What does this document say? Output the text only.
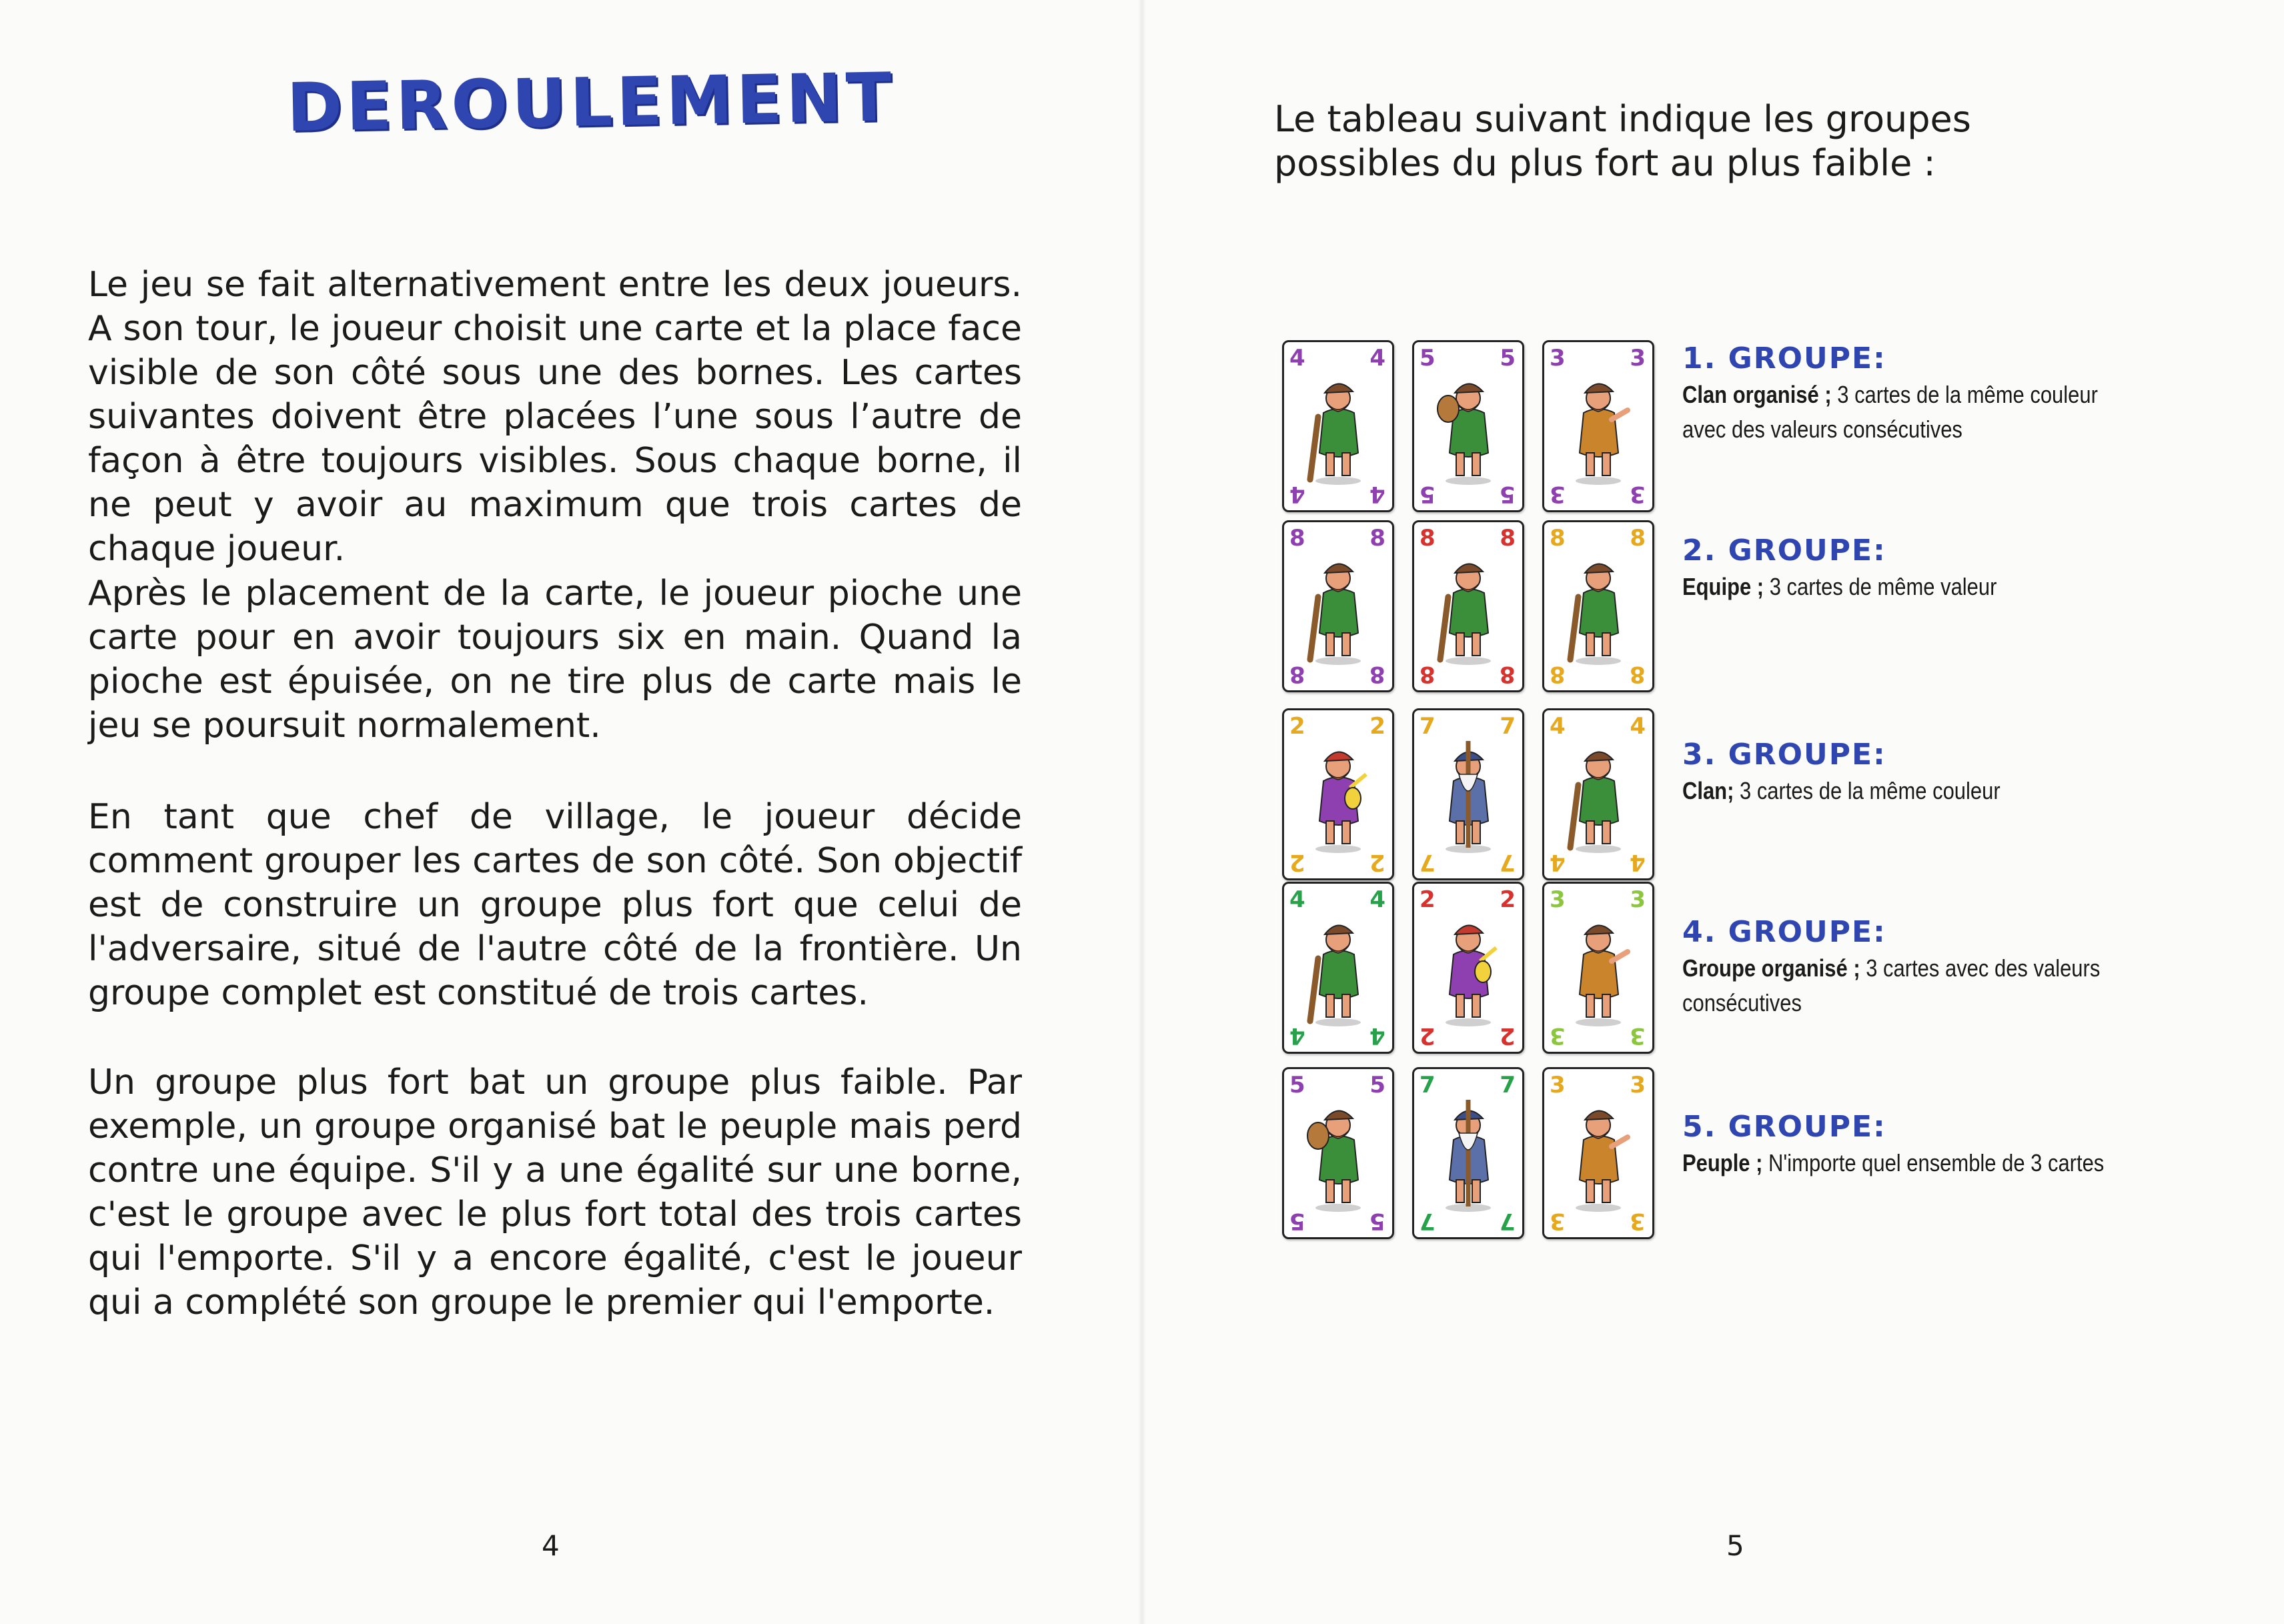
DEROULEMENT

Le jeu se fait alternativement entre les deux joueurs. A son tour, le joueur choisit une carte et la place face visible de son côté sous une des bornes. Les cartes suivantes doivent être placées l’une sous l’autre de façon à être toujours visibles. Sous chaque borne, il ne peut y avoir au maximum que trois cartes de chaque joueur.

Après le placement de la carte, le joueur pioche une carte pour en avoir toujours six en main. Quand la pioche est épuisée, on ne tire plus de carte mais le jeu se poursuit normalement.

En tant que chef de village, le joueur décide comment grouper les cartes de son côté. Son objectif est de construire un groupe plus fort que celui de l'adversaire, situé de l'autre côté de la frontière. Un groupe complet est constitué de trois cartes.

Un groupe plus fort bat un groupe plus faible. Par exemple, un groupe organisé bat le peuple mais perd contre une équipe. S'il y a une égalité sur une borne, c'est le groupe avec le plus fort total des trois cartes qui l'emporte. S'il y a encore égalité, c'est le joueur qui a complété son groupe le premier qui l'emporte.

4
Le tableau suivant indique les groupes possibles du plus fort au plus faible :
4	4
4	4
5	5
5	5
3	3
3	3
1. GROUPE:
Clan organisé ; 3 cartes de la même couleur avec des valeurs consécutives
8	8
8	8
8	8
8	8
8	8
8	8
2. GROUPE:
Equipe ; 3 cartes de même valeur
2	2
2	2
7	7
7	7
4	4
4	4
3. GROUPE:
Clan; 3 cartes de la même couleur
4	4
4	4
2	2
2	2
3	3
3	3
4. GROUPE:
Groupe organisé ; 3 cartes avec des valeurs consécutives
5	5
5	5
7	7
7	7
3	3
3	3
5. GROUPE:
Peuple ; N'importe quel ensemble de 3 cartes
5
